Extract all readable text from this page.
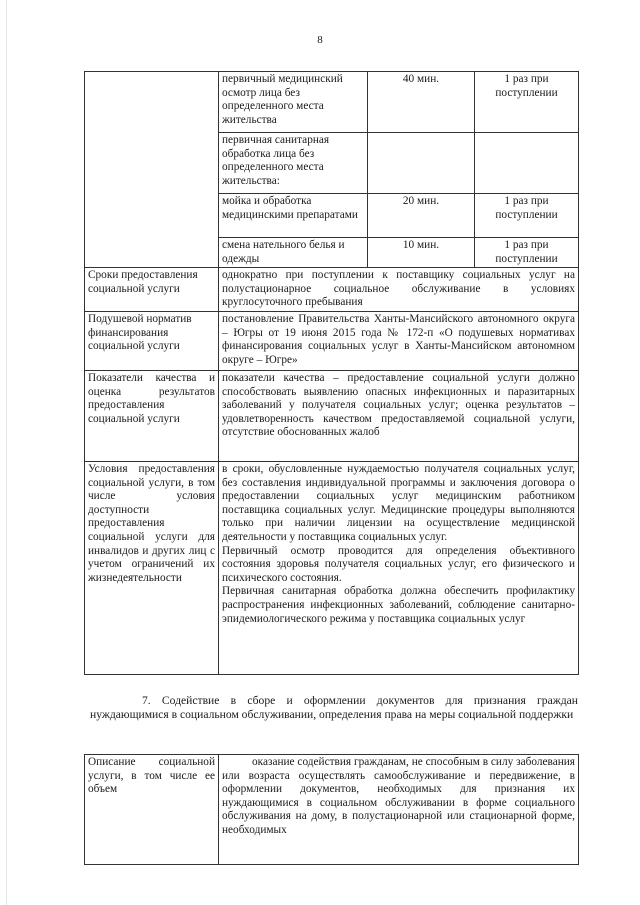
8
	первичный медицинский осмотр лица без определенного места жительства	40 мин.	1 раз при поступлении
	первичная санитарная обработка лица без определенного места жительства:		
	мойка и обработка медицинскими препаратами	20 мин.	1 раз при поступлении
	смена нательного белья и одежды	10 мин.	1 раз при поступлении
Сроки предоставления социальной услуги	однократно при поступлении к поставщику социальных услуг на полустационарное социальное обслуживание в условиях круглосуточного пребывания		
Подушевой норматив финансирования социальной услуги	постановление Правительства Ханты-Мансийского автономного округа – Югры от 19 июня 2015 года № 172-п «О подушевых нормативах финансирования социальных услуг в Ханты-Мансийском автономном округе – Югре»		
Показатели качества и оценка результатов предоставления социальной услуги	показатели качества – предоставление социальной услуги должно способствовать выявлению опасных инфекционных и паразитарных заболеваний у получателя социальных услуг; оценка результатов – удовлетворенность качеством предоставляемой социальной услуги, отсутствие обоснованных жалоб		
Условия предоставления социальной услуги, в том числе условия доступности предоставления социальной услуги для инвалидов и других лиц с учетом ограничений их жизнедеятельности	в сроки, обусловленные нуждаемостью получателя социальных услуг, без составления индивидуальной программы и заключения договора о предоставлении социальных услуг медицинским работником поставщика социальных услуг. Медицинские процедуры выполняются только при наличии лицензии на осуществление медицинской деятельности у поставщика социальных услуг.

Первичный осмотр проводится для определения объективного состояния здоровья получателя социальных услуг, его физического и психического состояния.

Первичная санитарная обработка должна обеспечить профилактику распространения инфекционных заболеваний, соблюдение санитарно-эпидемиологического режима у поставщика социальных услуг		

7. Содействие в сборе и оформлении документов для признания граждан нуждающимися в социальном обслуживании, определения права на меры социальной поддержки
Описание социальной услуги, в том числе ее объем	оказание содействия гражданам, не способным в силу заболевания или возраста осуществлять самообслуживание и передвижение, в оформлении документов, необходимых для признания их нуждающимися в социальном обслуживании в форме социального обслуживания на дому, в полустационарной или стационарной форме, необходимых
